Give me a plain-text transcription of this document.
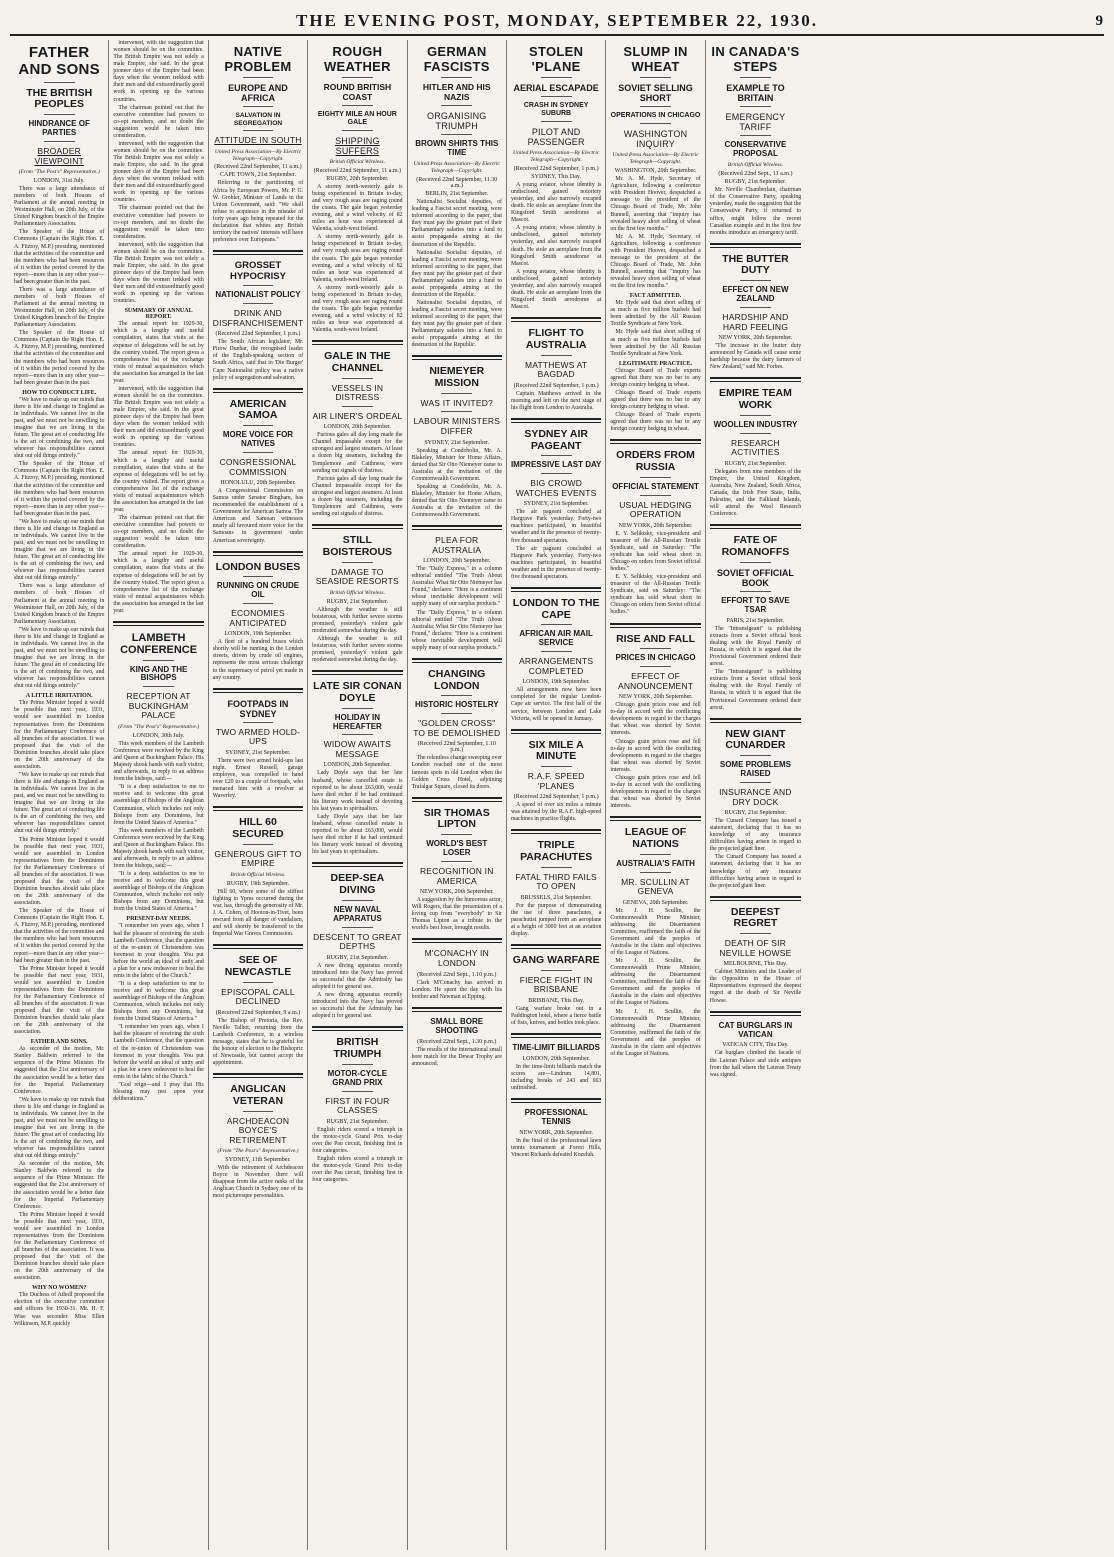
THE EVENING POST, MONDAY, SEPTEMBER 22, 1930.	9
FATHER AND SONS
THE BRITISH PEOPLES
HINDRANCE OF PARTIES
BROADER VIEWPOINT
(From "The Post's" Representative.)
LONDON, 31st July.

There was a large attendance of members of both Houses of Parliament at the annual meeting in Westminster Hall, on 20th July, of the United Kingdom branch of the Empire Parliamentary Association.

The Speaker of the House of Commons (Captain the Right Hon. E. A. Fitzroy, M.P.) presiding, mentioned that the activities of the committee and the members who had been resources of it within the period covered by the report—more than in any other year—had been greater than in the past.

There was a large attendance of members of both Houses of Parliament at the annual meeting in Westminster Hall, on 20th July, of the United Kingdom branch of the Empire Parliamentary Association.

The Speaker of the House of Commons (Captain the Right Hon. E. A. Fitzroy, M.P.) presiding, mentioned that the activities of the committee and the members who had been resources of it within the period covered by the report—more than in any other year—had been greater than in the past.

HOW TO CONDUCT LIFE.

"We have to make up our minds that there is life and change in England as in individuals. We cannot live in the past, and we must not be unwilling to imagine that we are living in the future. The great art of conducting life is the art of combining the two, and whoever has responsibilities cannot shut out old things entirely."

The Speaker of the House of Commons (Captain the Right Hon. E. A. Fitzroy, M.P.) presiding, mentioned that the activities of the committee and the members who had been resources of it within the period covered by the report—more than in any other year—had been greater than in the past.

"We have to make up our minds that there is life and change in England as in individuals. We cannot live in the past, and we must not be unwilling to imagine that we are living in the future. The great art of conducting life is the art of combining the two, and whoever has responsibilities cannot shut out old things entirely."

There was a large attendance of members of both Houses of Parliament at the annual meeting in Westminster Hall, on 20th July, of the United Kingdom branch of the Empire Parliamentary Association.

"We have to make up our minds that there is life and change in England as in individuals. We cannot live in the past, and we must not be unwilling to imagine that we are living in the future. The great art of conducting life is the art of combining the two, and whoever has responsibilities cannot shut out old things entirely."

A LITTLE IRRITATION.

The Prime Minister hoped it would be possible that next year, 1931, would see assembled in London representatives from the Dominions for the Parliamentary Conference of all branches of the association. It was proposed that the visit of the Dominion branches should take place on the 20th anniversary of the association.

"We have to make up our minds that there is life and change in England as in individuals. We cannot live in the past, and we must not be unwilling to imagine that we are living in the future. The great art of conducting life is the art of combining the two, and whoever has responsibilities cannot shut out old things entirely."

The Prime Minister hoped it would be possible that next year, 1931, would see assembled in London representatives from the Dominions for the Parliamentary Conference of all branches of the association. It was proposed that the visit of the Dominion branches should take place on the 20th anniversary of the association.

The Speaker of the House of Commons (Captain the Right Hon. E. A. Fitzroy, M.P.) presiding, mentioned that the activities of the committee and the members who had been resources of it within the period covered by the report—more than in any other year—had been greater than in the past.

The Prime Minister hoped it would be possible that next year, 1931, would see assembled in London representatives from the Dominions for the Parliamentary Conference of all branches of the association. It was proposed that the visit of the Dominion branches should take place on the 20th anniversary of the association.

FATHER AND SONS.

As seconder of the motion, Mr. Stanley Baldwin referred to the sequence of the Prime Minister. He suggested that the 21st anniversary of the association would be a better date for the Imperial Parliamentary Conference.

"We have to make up our minds that there is life and change in England as in individuals. We cannot live in the past, and we must not be unwilling to imagine that we are living in the future. The great art of conducting life is the art of combining the two, and whoever has responsibilities cannot shut out old things entirely."

As seconder of the motion, Mr. Stanley Baldwin referred to the sequence of the Prime Minister. He suggested that the 21st anniversary of the association would be a better date for the Imperial Parliamentary Conference.

The Prime Minister hoped it would be possible that next year, 1931, would see assembled in London representatives from the Dominions for the Parliamentary Conference of all branches of the association. It was proposed that the visit of the Dominion branches should take place on the 20th anniversary of the association.

WHY NO WOMEN?

The Duchess of Atholl proposed the election of the executive committee and officers for 1930-31. Mr. H. F. Wise was seconder. Miss Ellen Wilkinson, M.P. quickly

intervened, with the suggestion that women should be on the committee. The British Empire was not solely a male Empire, she said. In the great pioneer days of the Empire had been days when the women trekked with their men and did extraordinarily good work in opening up the various countries.

The chairman pointed out that the executive committee had powers to co-opt members, and no doubt the suggestion would be taken into consideration.

intervened, with the suggestion that women should be on the committee. The British Empire was not solely a male Empire, she said. In the great pioneer days of the Empire had been days when the women trekked with their men and did extraordinarily good work in opening up the various countries.

The chairman pointed out that the executive committee had powers to co-opt members, and no doubt the suggestion would be taken into consideration.

intervened, with the suggestion that women should be on the committee. The British Empire was not solely a male Empire, she said. In the great pioneer days of the Empire had been days when the women trekked with their men and did extraordinarily good work in opening up the various countries.

SUMMARY OF ANNUAL REPORT.

The annual report for 1929-30, which is a lengthy and useful compilation, states that visits at the expense of delegations will be set by the country visited. The report gives a comprehensive list of the exchange visits of mutual acquaintances which the association has arranged in the last year.

intervened, with the suggestion that women should be on the committee. The British Empire was not solely a male Empire, she said. In the great pioneer days of the Empire had been days when the women trekked with their men and did extraordinarily good work in opening up the various countries.

The annual report for 1929-30, which is a lengthy and useful compilation, states that visits at the expense of delegations will be set by the country visited. The report gives a comprehensive list of the exchange visits of mutual acquaintances which the association has arranged in the last year.

The chairman pointed out that the executive committee had powers to co-opt members, and no doubt the suggestion would be taken into consideration.

The annual report for 1929-30, which is a lengthy and useful compilation, states that visits at the expense of delegations will be set by the country visited. The report gives a comprehensive list of the exchange visits of mutual acquaintances which the association has arranged in the last year.

LAMBETH CONFERENCE
KING AND THE BISHOPS
RECEPTION AT BUCKINGHAM PALACE
(From "The Post's" Representative.)
LONDON, 30th July.

This week members of the Lambeth Conference were received by the King and Queen at Buckingham Palace. His Majesty shook hands with each visitor, and afterwards, in reply to an address from the bishops, said:—

"It is a deep satisfaction to me to receive and to welcome this great assemblage of Bishops of the Anglican Communion, which includes not only Bishops from any Dominions, but from the United States of America."

This week members of the Lambeth Conference were received by the King and Queen at Buckingham Palace. His Majesty shook hands with each visitor, and afterwards, in reply to an address from the bishops, said:—

"It is a deep satisfaction to me to receive and to welcome this great assemblage of Bishops of the Anglican Communion, which includes not only Bishops from any Dominions, but from the United States of America."

PRESENT-DAY NEEDS.

"I remember ten years ago, when I had the pleasure of receiving the sixth Lambeth Conference, that the question of the re-union of Christendom was foremost in your thoughts. You put before the world an ideal of unity and a plan for a new endeavour to heal the rents in the fabric of the Church."

"It is a deep satisfaction to me to receive and to welcome this great assemblage of Bishops of the Anglican Communion, which includes not only Bishops from any Dominions, but from the United States of America."

"I remember ten years ago, when I had the pleasure of receiving the sixth Lambeth Conference, that the question of the re-union of Christendom was foremost in your thoughts. You put before the world an ideal of unity and a plan for a new endeavour to heal the rents in the fabric of the Church."

"God reign—and I pray that His blessing may rest upon your deliberations."

NATIVE PROBLEM
EUROPE AND AFRICA
SALVATION IN SEGREGATION
ATTITUDE IN SOUTH
United Press Association—By Electric Telegraph—Copyright.
(Received 22nd September, 11 a.m.)
CAPE TOWN, 21st September.

Referring to the partitioning of Africa by European Powers, Mr. P. G. W. Grobler, Minister of Lands in the Union Government, said: "We shall refuse to acquiesce in the mistake of forty years ago being repeated for the declaration that whites any British territory the natives' interests will have preference over Europeans."

GROSSET HYPOCRISY
NATIONALIST POLICY
DRINK AND DISFRANCHISEMENT
(Received 22nd September, 1 p.m.)

The South African legislator, Mr. Pirow Dunbar, the recognised leader of the English-speaking section of South Africa, said that in 'Die Burger' Cape Nationalist policy was a native policy of segregation and salvation.

AMERICAN SAMOA
MORE VOICE FOR NATIVES
CONGRESSIONAL COMMISSION
HONOLULU, 20th September.

A Congressional Commission on Samoa under Senator Bingham, has recommended the establishment of a Government for American Samoa. The American and Samoan witnesses nearly all favoured more voice for the Samoans in government under American sovereignty.

LONDON BUSES
RUNNING ON CRUDE OIL
ECONOMIES ANTICIPATED
LONDON, 19th September.

A fleet of a hundred buses which shortly will be running in the London streets, driven by crude oil engines, represents the most serious challenge to the supremacy of petrol yet made in any country.

FOOTPADS IN SYDNEY
TWO ARMED HOLD-UPS
SYDNEY, 21st September.

There were two armed hold-ups last night. Ernest Russell, garage employee, was compelled to hand over £20 to a couple of footpads, who menaced him with a revolver at Waverley.

HILL 60 SECURED
GENEROUS GIFT TO EMPIRE
British Official Wireless.
RUGBY, 19th September.

Hill 60, where some of the stiffest fighting in Ypres occurred during the war, has, through the generosity of Mr. J. A. Cohen, of Hooton-in-Tivet, been rescued from all danger of vandalism, and will shortly be transferred to the Imperial War Graves Commission.

SEE OF NEWCASTLE
EPISCOPAL CALL DECLINED
(Received 22nd September, 9 a.m.)

The Bishop of Pretoria, the Rev. Neville Talbot, returning from the Lambeth Conference, in a wireless message, states that he is grateful for the honour of election to the Bishopric of Newcastle, but cannot accept the appointment.

ANGLICAN VETERAN
ARCHDEACON BOYCE'S RETIREMENT
(From "The Post's" Representative.)
SYDNEY, 11th September.

With the retirement of Archdeacon Boyce in November there will disappear from the active ranks of the Anglican Church in Sydney one of its most picturesque personalities.

ROUGH WEATHER
ROUND BRITISH COAST
EIGHTY MILE AN HOUR GALE
SHIPPING SUFFERS
British Official Wireless.
(Received 22nd September, 11 a.m.)
RUGBY, 20th September.

A stormy north-westerly gale is being experienced in Britain to-day, and very rough seas are raging round the coasts. The gale began yesterday evening, and a wind velocity of 82 miles an hour was experienced at Valentia, south-west Ireland.

A stormy north-westerly gale is being experienced in Britain to-day, and very rough seas are raging round the coasts. The gale began yesterday evening, and a wind velocity of 82 miles an hour was experienced at Valentia, south-west Ireland.

A stormy north-westerly gale is being experienced in Britain to-day, and very rough seas are raging round the coasts. The gale began yesterday evening, and a wind velocity of 82 miles an hour was experienced at Valentia, south-west Ireland.

GALE IN THE CHANNEL
VESSELS IN DISTRESS
AIR LINER'S ORDEAL
LONDON, 20th September.

Furious gales all day long made the Channel impassable except for the strongest and largest steamers. At least a dozen big steamers, including the Templemore and Caithness, were sending out signals of distress.

Furious gales all day long made the Channel impassable except for the strongest and largest steamers. At least a dozen big steamers, including the Templemore and Caithness, were sending out signals of distress.

STILL BOISTEROUS
DAMAGE TO SEASIDE RESORTS
British Official Wireless.
RUGBY, 21st September.

Although the weather is still boisterous, with further severe storms promised, yesterday's violent gale moderated somewhat during the day.

Although the weather is still boisterous, with further severe storms promised, yesterday's violent gale moderated somewhat during the day.

LATE SIR CONAN DOYLE
HOLIDAY IN HEREAFTER
WIDOW AWAITS MESSAGE
LONDON, 20th September.

Lady Doyle says that her late husband, whose cancelled estate is reported to be about £63,000, would have died richer if he had continued his literary work instead of devoting his last years to spiritualism.

Lady Doyle says that her late husband, whose cancelled estate is reported to be about £63,000, would have died richer if he had continued his literary work instead of devoting his last years to spiritualism.

DEEP-SEA DIVING
NEW NAVAL APPARATUS
DESCENT TO GREAT DEPTHS
RUGBY, 21st September.

A new diving apparatus recently introduced into the Navy has proved so successful that the Admiralty has adopted it for general use.

A new diving apparatus recently introduced into the Navy has proved so successful that the Admiralty has adopted it for general use.

BRITISH TRIUMPH
MOTOR-CYCLE GRAND PRIX
FIRST IN FOUR CLASSES
RUGBY, 21st September.

English riders scored a triumph in the motor-cycle Grand Prix to-day over the Pau circuit, finishing first in four categories.

English riders scored a triumph in the motor-cycle Grand Prix to-day over the Pau circuit, finishing first in four categories.

GERMAN FASCISTS
HITLER AND HIS NAZIS
ORGANISING TRIUMPH
BROWN SHIRTS THIS TIME
United Press Association—By Electric Telegraph—Copyright.
(Received 22nd September, 11.30 a.m.)
BERLIN, 21st September.

Nationalist Socialist deputies, of leading a Fascist secret meeting, were informed according to the paper, that they must pay the greater part of their Parliamentary salaries into a fund to assist propaganda aiming at the destruction of the Republic.

Nationalist Socialist deputies, of leading a Fascist secret meeting, were informed according to the paper, that they must pay the greater part of their Parliamentary salaries into a fund to assist propaganda aiming at the destruction of the Republic.

Nationalist Socialist deputies, of leading a Fascist secret meeting, were informed according to the paper, that they must pay the greater part of their Parliamentary salaries into a fund to assist propaganda aiming at the destruction of the Republic.

NIEMEYER MISSION
WAS IT INVITED?
LABOUR MINISTERS DIFFER
SYDNEY, 21st September.

Speaking at Condobolin, Mr. A. Blakeley, Minister for Home Affairs, denied that Sir Otto Niemeyer came to Australia at the invitation of the Commonwealth Government.

Speaking at Condobolin, Mr. A. Blakeley, Minister for Home Affairs, denied that Sir Otto Niemeyer came to Australia at the invitation of the Commonwealth Government.

PLEA FOR AUSTRALIA
LONDON, 20th September.

The "Daily Express," in a column editorial entitled "The Truth About Australia: What Sir Otto Niemeyer has Found," declares: "Here is a continent whose inevitable development will supply many of our surplus products."

The "Daily Express," in a column editorial entitled "The Truth About Australia: What Sir Otto Niemeyer has Found," declares: "Here is a continent whose inevitable development will supply many of our surplus products."

CHANGING LONDON
HISTORIC HOSTELRY
"GOLDEN CROSS" TO BE DEMOLISHED
(Received 22nd September, 1.10 p.m.)

The relentless change sweeping over London reached one of the most famous spots in old London when the Golden Cross Hotel, adjoining Trafalgar Square, closed its doors.

SIR THOMAS LIPTON
WORLD'S BEST LOSER
RECOGNITION IN AMERICA
NEW YORK, 20th September.

A suggestion by the humorous actor, Will Rogers, that the presentation of a loving cup from "everybody" to Sir Thomas Lipton as a tribute to the world's best loser, brought results.

M'CONACHY IN LONDON
(Received 22nd Sept., 1.10 p.m.)

Clark M'Conachy has arrived in London. He spent the day with his brother and Newman at Epping.

SMALL BORE SHOOTING
(Received 22nd Sept., 1.30 p.m.)

The results of the international small bore match for the Dewar Trophy are announced.

STOLEN 'PLANE
AERIAL ESCAPADE
CRASH IN SYDNEY SUBURB
PILOT AND PASSENGER
United Press Association—By Electric Telegraph—Copyright.
(Received 22nd September, 1 p.m.)
SYDNEY, This Day.

A young aviator, whose identity is undisclosed, gained notoriety yesterday, and also narrowly escaped death. He stole an aeroplane from the Kingsford Smith aerodrome at Mascot.

A young aviator, whose identity is undisclosed, gained notoriety yesterday, and also narrowly escaped death. He stole an aeroplane from the Kingsford Smith aerodrome at Mascot.

A young aviator, whose identity is undisclosed, gained notoriety yesterday, and also narrowly escaped death. He stole an aeroplane from the Kingsford Smith aerodrome at Mascot.

FLIGHT TO AUSTRALIA
MATTHEWS AT BAGDAD
(Received 22nd September, 1 p.m.)

Captain Matthews arrived in the morning and left on the next stage of his flight from London to Australia.

SYDNEY AIR PAGEANT
IMPRESSIVE LAST DAY
BIG CROWD WATCHES EVENTS
SYDNEY, 21st September.

The air pageant concluded at Hargrave Park yesterday. Forty-two machines participated, in beautiful weather and in the presence of twenty-five thousand spectators.

The air pageant concluded at Hargrave Park yesterday. Forty-two machines participated, in beautiful weather and in the presence of twenty-five thousand spectators.

LONDON TO THE CAPE
AFRICAN AIR MAIL SERVICE
ARRANGEMENTS COMPLETED
LONDON, 19th September.

All arrangements now have been completed for the regular London-Cape air service. The first half of the service, between London and Lake Victoria, will be opened in January.

SIX MILE A MINUTE
R.A.F. SPEED 'PLANES
(Received 22nd September, 1 p.m.)

A speed of over six miles a minute was attained by the R.A.F. high-speed machines in practice flights.

TRIPLE PARACHUTES
FATAL THIRD FAILS TO OPEN
BRUSSELS, 21st September.

For the purpose of demonstrating the use of three parachutes, a parachutist jumped from an aeroplane at a height of 3000 feet at an aviation display.

GANG WARFARE
FIERCE FIGHT IN BRISBANE
BRISBANE, This Day.

Gang warfare broke out in a Paddington hotel, where a fierce battle of fists, knives, and bottles took place.

TIME-LIMIT BILLIARDS
LONDON, 20th September.

In the time-limit billiards match the scores are—Lindrum 14,801, including breaks of 243 and 663 unfinished.

PROFESSIONAL TENNIS
NEW YORK, 20th September.

In the final of the professional lawn tennis tournament at Forest Hills, Vincent Richards defeated Kozeluh.

SLUMP IN WHEAT
SOVIET SELLING SHORT
OPERATIONS IN CHICAGO
WASHINGTON INQUIRY
United Press Association—By Electric Telegraph—Copyright.
WASHINGTON, 20th September.

Mr. A. M. Hyde, Secretary of Agriculture, following a conference with President Hoover, despatched a message to the president of the Chicago Board of Trade, Mr. John Bunnell, asserting that "inquiry has revealed heavy short selling of wheat on the first few months."

Mr. A. M. Hyde, Secretary of Agriculture, following a conference with President Hoover, despatched a message to the president of the Chicago Board of Trade, Mr. John Bunnell, asserting that "inquiry has revealed heavy short selling of wheat on the first few months."

FACT ADMITTED.

Mr. Hyde said that short selling of as much as five million bushels had been admitted by the All Russian Textile Syndicate at New York.

Mr. Hyde said that short selling of as much as five million bushels had been admitted by the All Russian Textile Syndicate at New York.

LEGITIMATE PRACTICE.

Chicago Board of Trade experts agreed that there was no bar to any foreign country hedging in wheat.

Chicago Board of Trade experts agreed that there was no bar to any foreign country hedging in wheat.

Chicago Board of Trade experts agreed that there was no bar to any foreign country hedging in wheat.

ORDERS FROM RUSSIA
OFFICIAL STATEMENT
USUAL HEDGING OPERATION
NEW YORK, 20th September.

E. Y. Seliktsky, vice-president and treasurer of the All-Russian Textile Syndicate, said on Saturday: "The syndicate has sold wheat short in Chicago on orders from Soviet official bodies."

E. Y. Seliktsky, vice-president and treasurer of the All-Russian Textile Syndicate, said on Saturday: "The syndicate has sold wheat short in Chicago on orders from Soviet official bodies."

RISE AND FALL
PRICES IN CHICAGO
EFFECT OF ANNOUNCEMENT
NEW YORK, 20th September.

Chicago grain prices rose and fell to-day in accord with the conflicting developments in regard to the charges that wheat was shorted by Soviet interests.

Chicago grain prices rose and fell to-day in accord with the conflicting developments in regard to the charges that wheat was shorted by Soviet interests.

Chicago grain prices rose and fell to-day in accord with the conflicting developments in regard to the charges that wheat was shorted by Soviet interests.

LEAGUE OF NATIONS
AUSTRALIA'S FAITH
MR. SCULLIN AT GENEVA
GENEVA, 20th September.

Mr. J. H. Scullin, the Commonwealth Prime Minister, addressing the Disarmament Committee, reaffirmed the faith of the Government and the peoples of Australia in the claim and objectives of the League of Nations.

Mr. J. H. Scullin, the Commonwealth Prime Minister, addressing the Disarmament Committee, reaffirmed the faith of the Government and the peoples of Australia in the claim and objectives of the League of Nations.

Mr. J. H. Scullin, the Commonwealth Prime Minister, addressing the Disarmament Committee, reaffirmed the faith of the Government and the peoples of Australia in the claim and objectives of the League of Nations.

IN CANADA'S STEPS
EXAMPLE TO BRITAIN
EMERGENCY TARIFF
CONSERVATIVE PROPOSAL
British Official Wireless.
(Received 22nd Sept., 11 a.m.)
RUGBY, 21st September.

Mr. Neville Chamberlain, chairman of the Conservative Party, speaking yesterday, made the suggestion that the Conservative Party, if returned to office, might follow the recent Canadian example and in the first few months introduce an emergency tariff.

THE BUTTER DUTY
EFFECT ON NEW ZEALAND
HARDSHIP AND HARD FEELING
NEW YORK, 20th September.

"The increase in the butter duty announced by Canada will cause some hardship because the dairy farmers of New Zealand," said Mr. Forbes.

EMPIRE TEAM WORK
WOOLLEN INDUSTRY
RESEARCH ACTIVITIES
RUGBY, 21st September.

Delegates from nine members of the Empire, the United Kingdom, Australia, New Zealand, South Africa, Canada, the Irish Free State, India, Palestine, and the Falkland Islands, will attend the Wool Research Conference.

FATE OF ROMANOFFS
SOVIET OFFICIAL BOOK
EFFORT TO SAVE TSAR
PARIS, 21st September.

The "Intransigeant" is publishing extracts from a Soviet official book dealing with the Royal Family of Russia, in which it is argued that the Provisional Government ordered their arrest.

The "Intransigeant" is publishing extracts from a Soviet official book dealing with the Royal Family of Russia, in which it is argued that the Provisional Government ordered their arrest.

NEW GIANT CUNARDER
SOME PROBLEMS RAISED
INSURANCE AND DRY DOCK
RUGBY, 21st September.

The Cunard Company has issued a statement, declaring that it has no knowledge of any insurance difficulties having arisen in regard to the projected giant liner.

The Cunard Company has issued a statement, declaring that it has no knowledge of any insurance difficulties having arisen in regard to the projected giant liner.

DEEPEST REGRET
DEATH OF SIR NEVILLE HOWSE
MELBOURNE, This Day.

Cabinet Ministers and the Leader of the Opposition in the House of Representatives expressed the deepest regret at the death of Sir Neville Howse.

CAT BURGLARS IN VATICAN
VATICAN CITY, This Day.

Cat burglars climbed the facade of the Lateran Palace and stole antiques from the hall where the Lateran Treaty was signed.
